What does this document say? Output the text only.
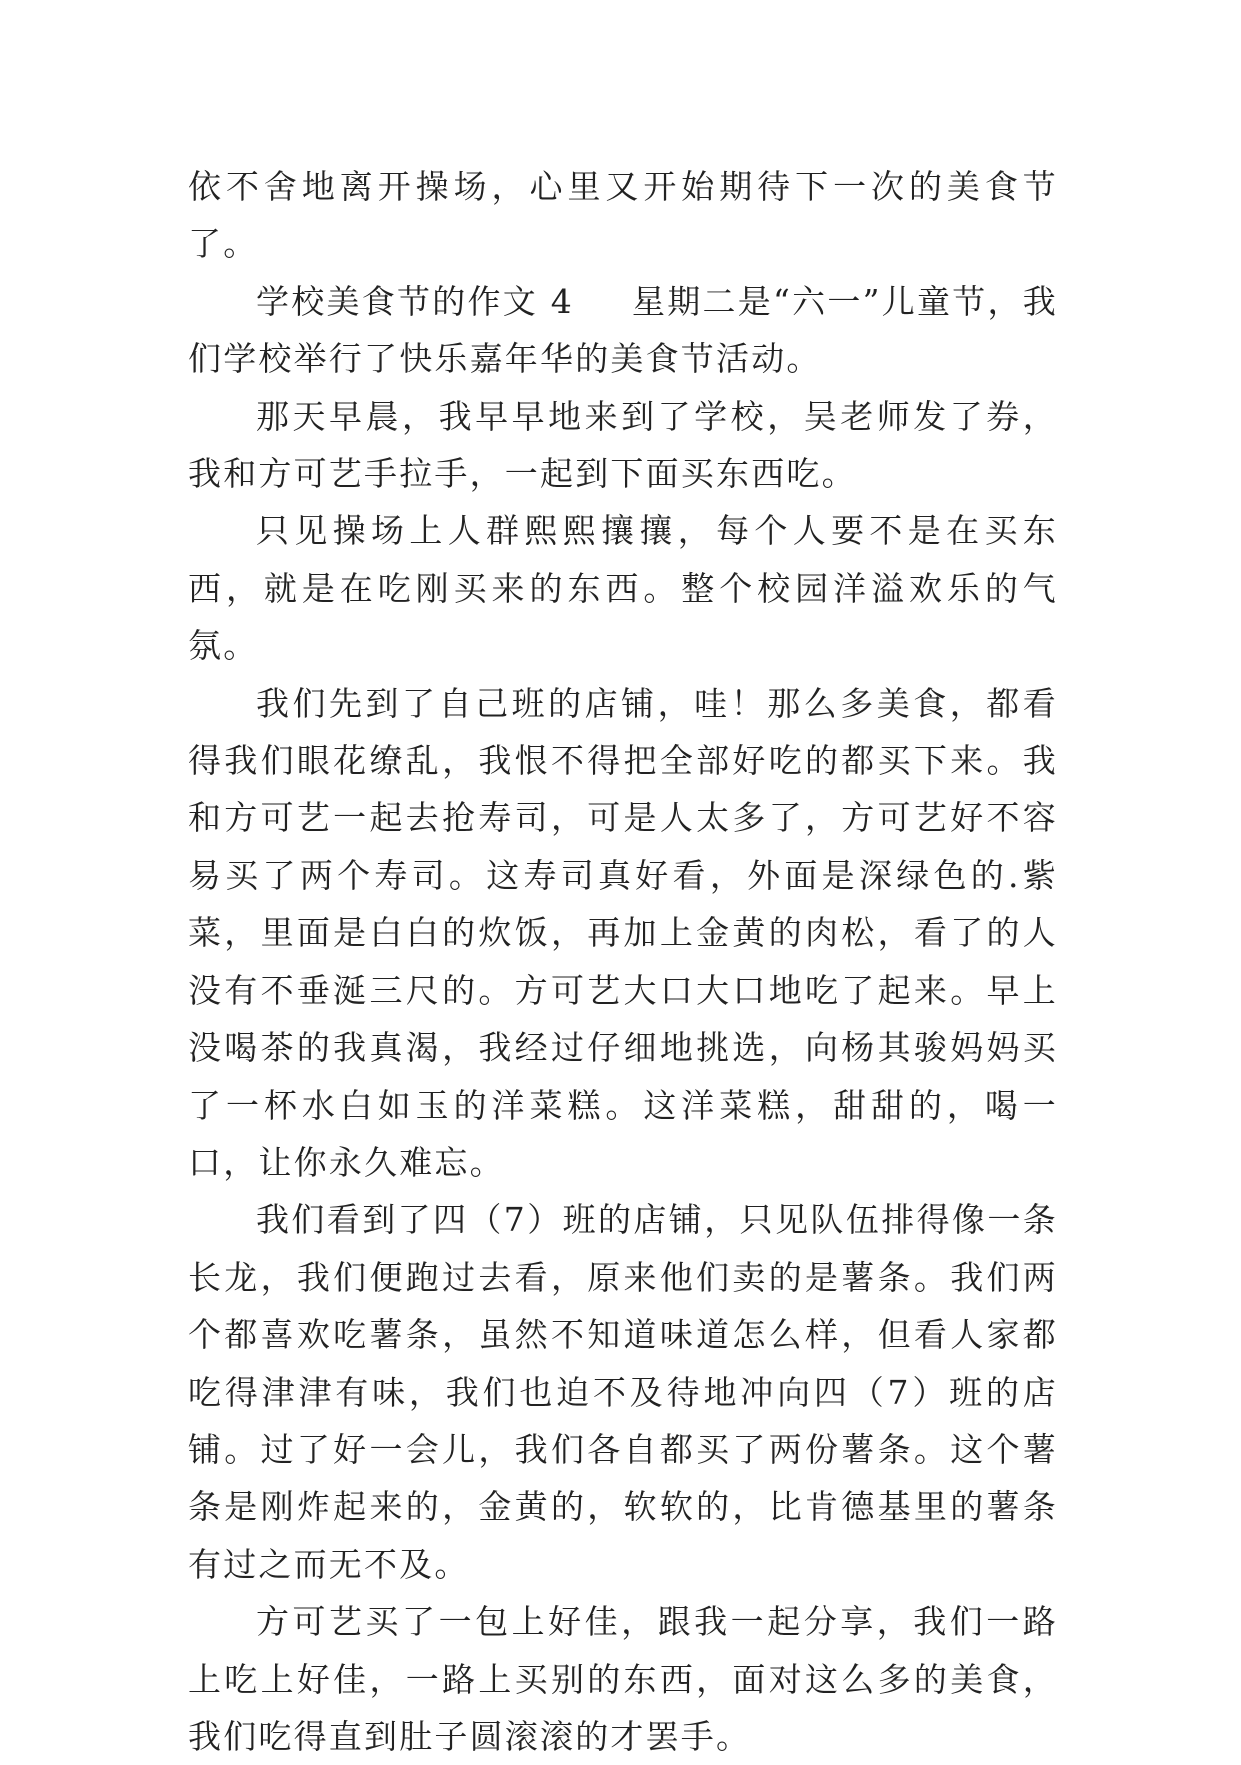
依不舍地离开操场，心里又开始期待下一次的美食节了。

学校美食节的作文 4 星期二是“六一”儿童节，我们学校举行了快乐嘉年华的美食节活动。

那天早晨，我早早地来到了学校，吴老师发了券，我和方可艺手拉手，一起到下面买东西吃。

只见操场上人群熙熙攘攘，每个人要不是在买东西，就是在吃刚买来的东西。整个校园洋溢欢乐的气氛。

我们先到了自己班的店铺，哇！那么多美食，都看得我们眼花缭乱，我恨不得把全部好吃的都买下来。我和方可艺一起去抢寿司，可是人太多了，方可艺好不容易买了两个寿司。这寿司真好看，外面是深绿色的.紫菜，里面是白白的炊饭，再加上金黄的肉松，看了的人没有不垂涎三尺的。方可艺大口大口地吃了起来。早上没喝茶的我真渴，我经过仔细地挑选，向杨其骏妈妈买了一杯水白如玉的洋菜糕。这洋菜糕，甜甜的，喝一口，让你永久难忘。

我们看到了四（7）班的店铺，只见队伍排得像一条长龙，我们便跑过去看，原来他们卖的是薯条。我们两个都喜欢吃薯条，虽然不知道味道怎么样，但看人家都吃得津津有味，我们也迫不及待地冲向四（7）班的店铺。过了好一会儿，我们各自都买了两份薯条。这个薯条是刚炸起来的，金黄的，软软的，比肯德基里的薯条有过之而无不及。

方可艺买了一包上好佳，跟我一起分享，我们一路上吃上好佳，一路上买别的东西，面对这么多的美食，我们吃得直到肚子圆滚滚的才罢手。
